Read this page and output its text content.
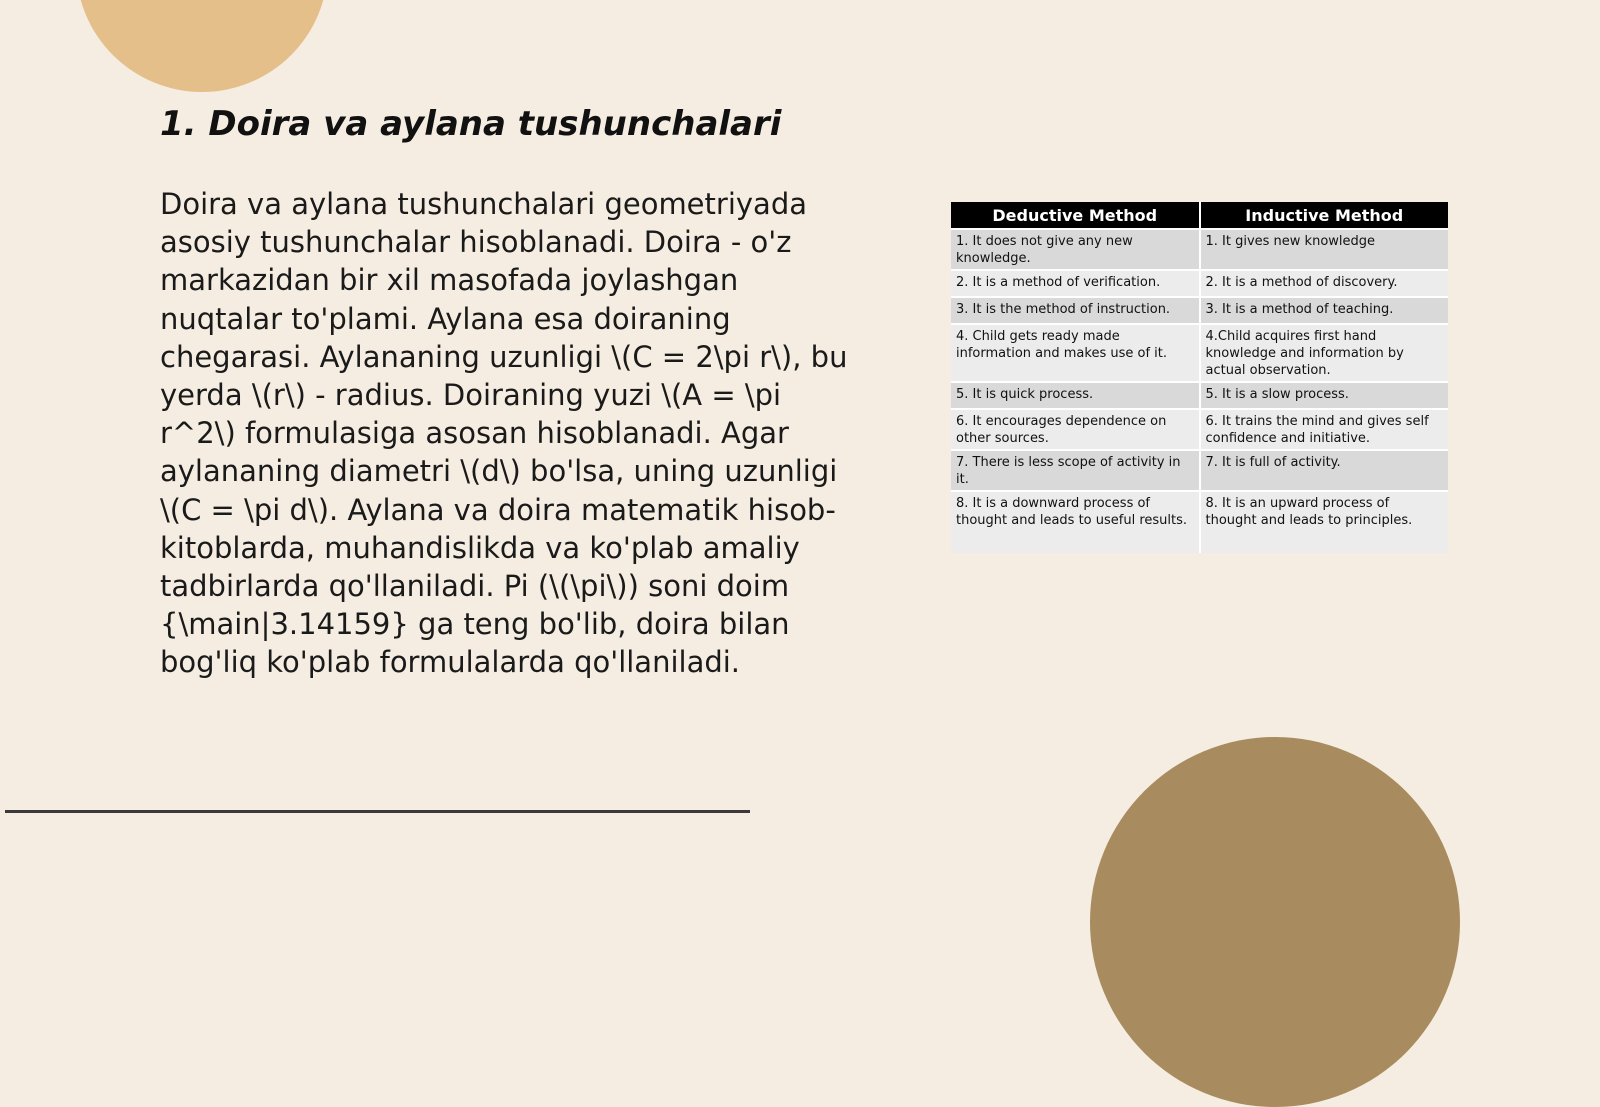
1. Doira va aylana tushunchalari

Doira va aylana tushunchalari geometriyada asosiy tushunchalar hisoblanadi. Doira - o'z markazidan bir xil masofada joylashgan nuqtalar to'plami. Aylana esa doiraning chegarasi. Aylananing uzunligi \(C = 2\pi r\), bu yerda \(r\) - radius. Doiraning yuzi \(A = \pi r^2\) formulasiga asosan hisoblanadi. Agar aylananing diametri \(d\) bo'lsa, uning uzunligi \(C = \pi d\). Aylana va doira matematik hisob-kitoblarda, muhandislikda va ko'plab amaliy tadbirlarda qo'llaniladi. Pi (\(\pi\)) soni doim {\main|3.14159} ga teng bo'lib, doira bilan bog'liq ko'plab formulalarda qo'llaniladi.

Deductive Method	Inductive Method
1. It does not give any new knowledge.	1. It gives new knowledge
2. It is a method of verification.	2. It is a method of discovery.
3. It is the method of instruction.	3. It is a method of teaching.
4. Child gets ready made information and makes use of it.	4.Child acquires first hand knowledge and information by actual observation.
5. It is quick process.	5. It is a slow process.
6. It encourages dependence on other sources.	6. It trains the mind and gives self confidence and initiative.
7. There is less scope of activity in it.	7. It is full of activity.
8. It is a downward process of thought and leads to useful results.	8. It is an upward process of thought and leads to principles.
